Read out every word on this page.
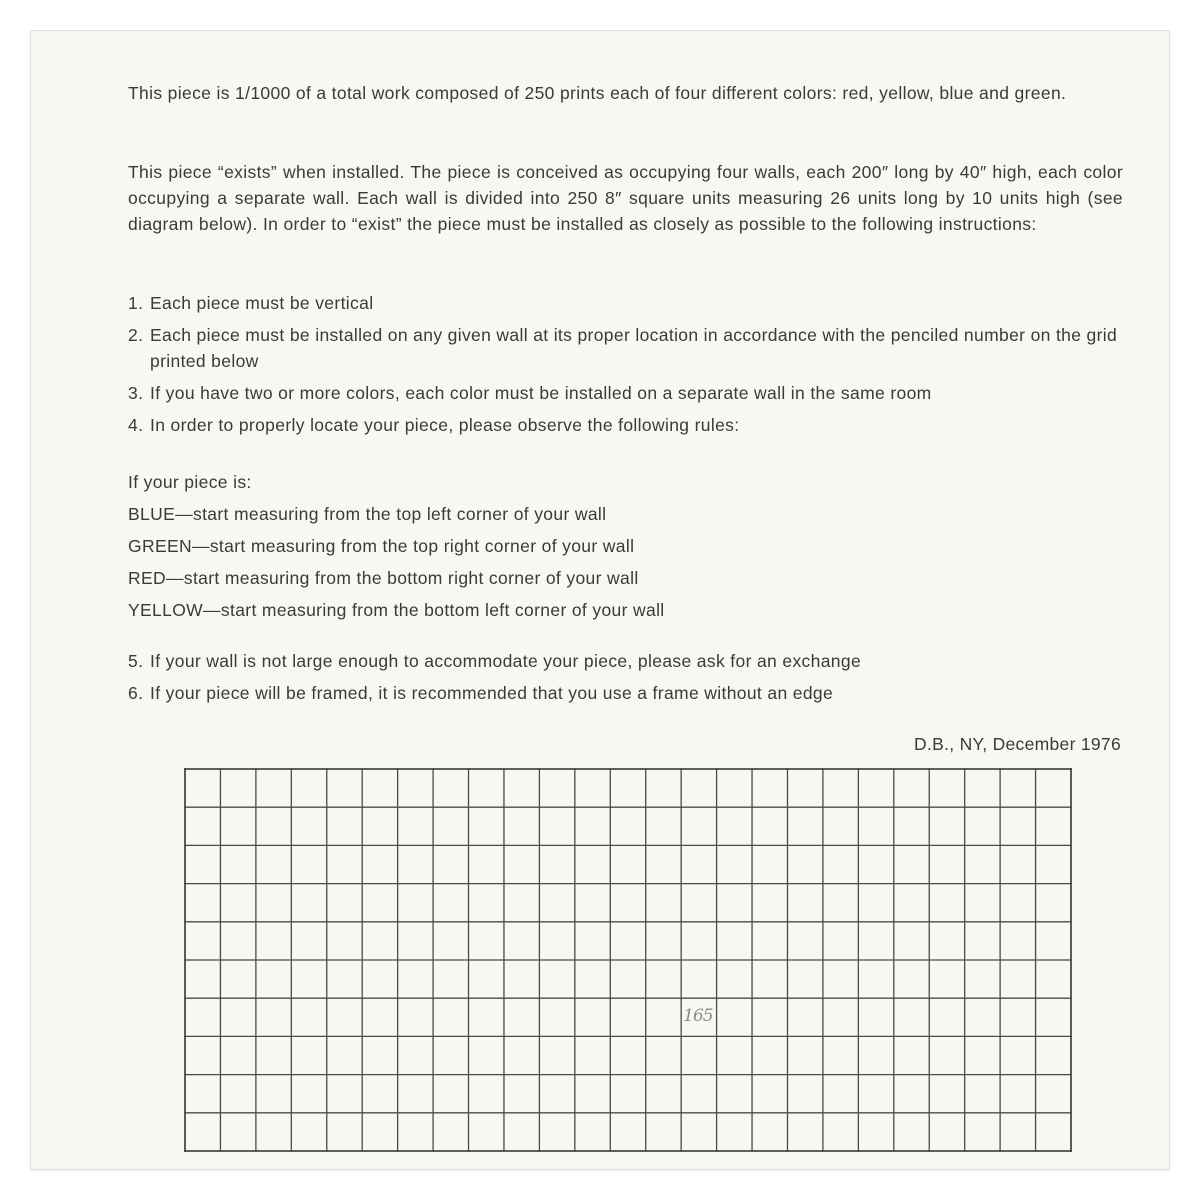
This piece is 1/1000 of a total work composed of 250 prints each of four different colors: red, yellow, blue and green.

This piece “exists” when installed. The piece is conceived as occupying four walls, each 200″ long by 40″ high, each color occupying a separate wall. Each wall is divided into 250 8″ square units measuring 26 units long by 10 units high (see diagram below). In order to “exist” the piece must be installed as closely as possible to the following instructions:

1. Each piece must be vertical
2. Each piece must be installed on any given wall at its proper location in accordance with the penciled number on the grid printed below
3. If you have two or more colors, each color must be installed on a separate wall in the same room
4. In order to properly locate your piece, please observe the following rules:
If your piece is:
BLUE—start measuring from the top left corner of your wall
GREEN—start measuring from the top right corner of your wall
RED—start measuring from the bottom right corner of your wall
YELLOW—start measuring from the bottom left corner of your wall
5. If your wall is not large enough to accommodate your piece, please ask for an exchange
6. If your piece will be framed, it is recommended that you use a frame without an edge
D.B., NY, December 1976
165
